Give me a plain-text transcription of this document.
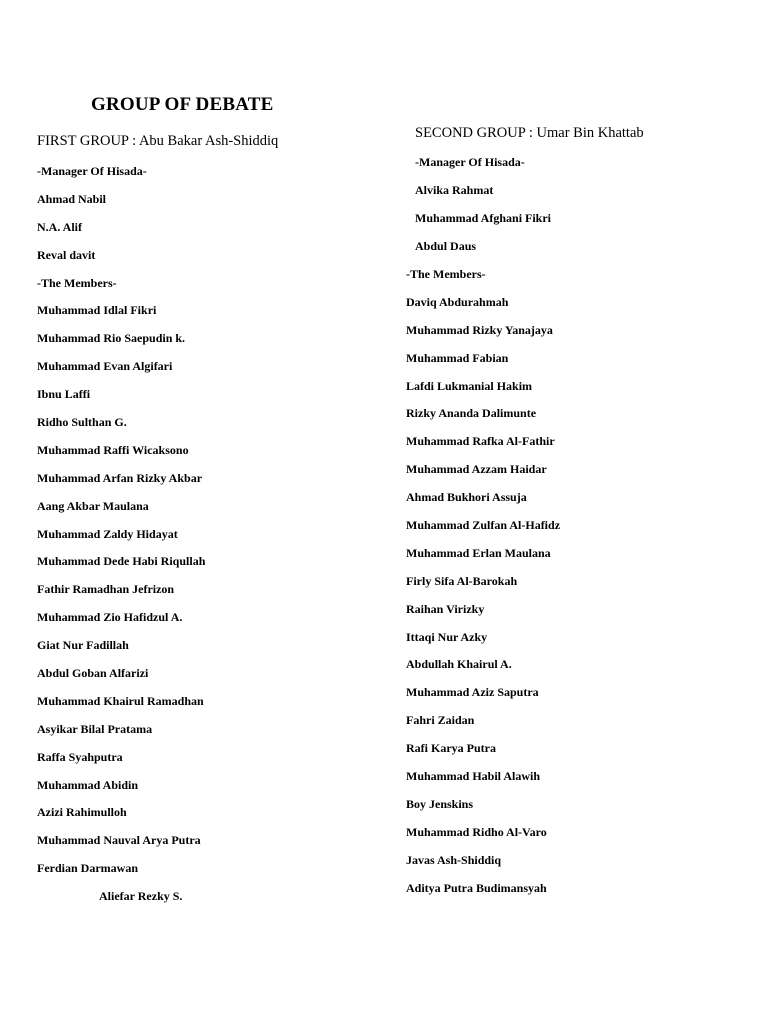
GROUP OF DEBATE
FIRST GROUP : Abu Bakar Ash-Shiddiq
-Manager Of Hisada-
Ahmad Nabil
N.A. Alif
Reval davit
-The Members-
Muhammad Idlal Fikri
Muhammad Rio Saepudin k.
Muhammad Evan Algifari
Ibnu Laffi
Ridho Sulthan G.
Muhammad Raffi Wicaksono
Muhammad Arfan Rizky Akbar
Aang Akbar Maulana
Muhammad Zaldy Hidayat
Muhammad Dede Habi Riqullah
Fathir Ramadhan Jefrizon
Muhammad Zio Hafidzul A.
Giat Nur Fadillah
Abdul Goban Alfarizi
Muhammad Khairul Ramadhan
Asyikar Bilal Pratama
Raffa Syahputra
Muhammad Abidin
Azizi Rahimulloh
Muhammad Nauval Arya Putra
Ferdian Darmawan
Aliefar Rezky S.
SECOND GROUP : Umar Bin Khattab
-Manager Of Hisada-
Alvika Rahmat
Muhammad Afghani Fikri
Abdul Daus
-The Members-
Daviq Abdurahmah
Muhammad Rizky Yanajaya
Muhammad Fabian
Lafdi Lukmanial Hakim
Rizky Ananda Dalimunte
Muhammad Rafka Al-Fathir
Muhammad Azzam Haidar
Ahmad Bukhori Assuja
Muhammad Zulfan Al-Hafidz
Muhammad Erlan Maulana
Firly Sifa Al-Barokah
Raihan Virizky
Ittaqi Nur Azky
Abdullah Khairul A.
Muhammad Aziz Saputra
Fahri Zaidan
Rafi Karya Putra
Muhammad Habil Alawih
Boy Jenskins
Muhammad Ridho Al-Varo
Javas Ash-Shiddiq
Aditya Putra Budimansyah
